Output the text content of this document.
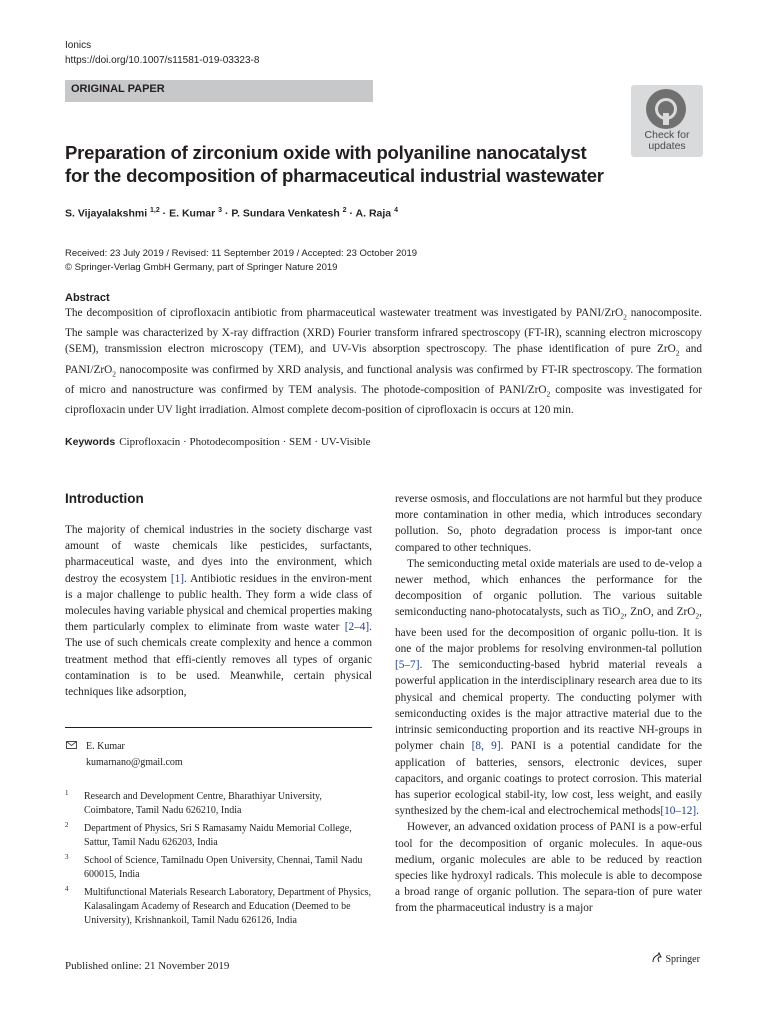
Ionics
https://doi.org/10.1007/s11581-019-03323-8
ORIGINAL PAPER
Check for
updates
Preparation of zirconium oxide with polyaniline nanocatalyst
for the decomposition of pharmaceutical industrial wastewater
S. Vijayalakshmi $^{1,2}$ · E. Kumar $^3$ · P. Sundara Venkatesh $^2$ · A. Raja $^4$
Received: 23 July 2019 / Revised: 11 September 2019 / Accepted: 23 October 2019
© Springer-Verlag GmbH Germany, part of Springer Nature 2019
Abstract
The decomposition of ciprofloxacin antibiotic from pharmaceutical wastewater treatment was investigated by PANI/ZrO$_2$ nanocomposite. The sample was characterized by X-ray diffraction (XRD) Fourier transform infrared spectroscopy (FT-IR), scanning electron microscopy (SEM), transmission electron microscopy (TEM), and UV-Vis absorption spectroscopy. The phase identification of pure ZrO$_2$ and PANI/ZrO$_2$ nanocomposite was confirmed by XRD analysis, and functional analysis was confirmed by FT-IR spectroscopy. The formation of micro and nanostructure was confirmed by TEM analysis. The photode-composition of PANI/ZrO$_2$ composite was investigated for ciprofloxacin under UV light irradiation. Almost complete decom-position of ciprofloxacin is occurs at 120 min.
Keywords Ciprofloxacin · Photodecomposition · SEM · UV-Visible
Introduction
The majority of chemical industries in the society discharge vast amount of waste chemicals like pesticides, surfactants, pharmaceutical waste, and dyes into the environment, which destroy the ecosystem [1]. Antibiotic residues in the environ-ment is a major challenge to public health. They form a wide class of molecules having variable physical and chemical properties making them particularly complex to eliminate from waste water [2–4]. The use of such chemicals create complexity and hence a common treatment method that effi-ciently removes all types of organic contamination is to be used. Meanwhile, certain physical techniques like adsorption,
reverse osmosis, and flocculations are not harmful but they produce more contamination in other media, which introduces secondary pollution. So, photo degradation process is impor-tant once compared to other techniques.
The semiconducting metal oxide materials are used to de-velop a newer method, which enhances the performance for the decomposition of organic pollution. The various suitable semiconducting nano-photocatalysts, such as TiO$_2$, ZnO, and ZrO$_2$, have been used for the decomposition of organic pollu-tion. It is one of the major problems for resolving environmen-tal pollution [5–7]. The semiconducting-based hybrid material reveals a powerful application in the interdisciplinary research area due to its physical and chemical property. The conducting polymer with semiconducting oxides is the major attractive material due to the intrinsic semiconducting proportion and its reactive NH-groups in polymer chain [8, 9]. PANI is a potential candidate for the application of batteries, sensors, electronic devices, super capacitors, and organic coatings to protect corrosion. This material has superior ecological stabil-ity, low cost, less weight, and easily synthesized by the chem-ical and electrochemical methods[10–12].
However, an advanced oxidation process of PANI is a pow-erful tool for the decomposition of organic molecules. In aque-ous medium, organic molecules are able to be reduced by reaction species like hydroxyl radicals. This molecule is able to decompose a broad range of organic pollution. The separa-tion of pure water from the pharmaceutical industry is a major
E. Kumar
kumarnano@gmail.com
1 Research and Development Centre, Bharathiyar University, Coimbatore, Tamil Nadu 626210, India
2 Department of Physics, Sri S Ramasamy Naidu Memorial College, Sattur, Tamil Nadu 626203, India
3 School of Science, Tamilnadu Open University, Chennai, Tamil Nadu 600015, India
4 Multifunctional Materials Research Laboratory, Department of Physics, Kalasalingam Academy of Research and Education (Deemed to be University), Krishnankoil, Tamil Nadu 626126, India
Published online: 21 November 2019
Springer
